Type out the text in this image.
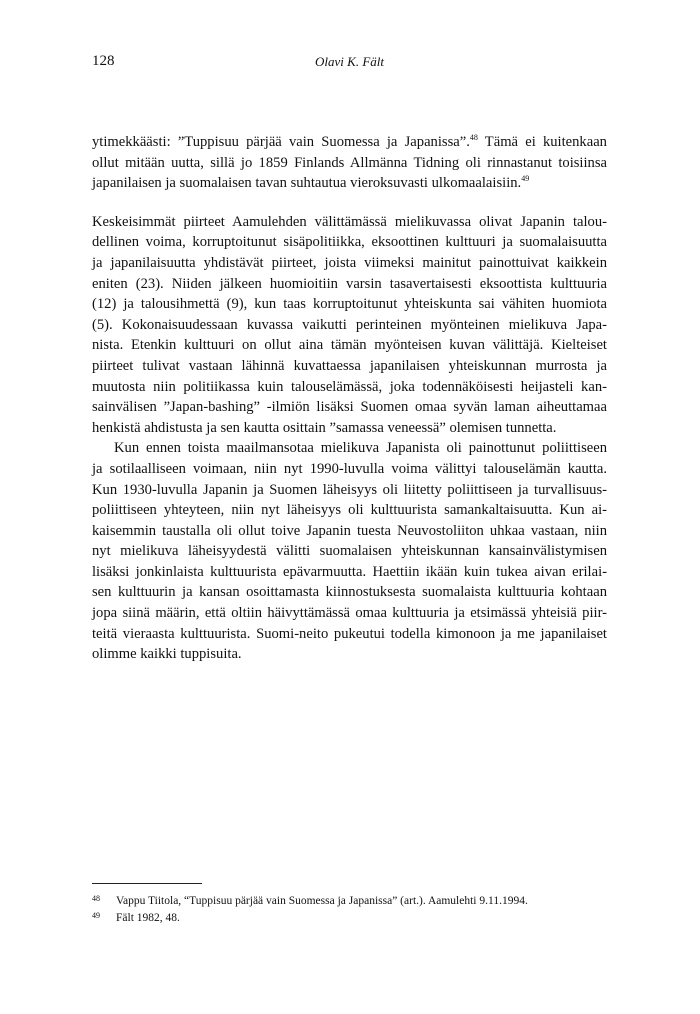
128	Olavi K. Fält

ytimekkäästi: ”Tuppisuu pärjää vain Suomessa ja Japanissa”.$^{48}$ Tämä ei kuitenkaan
ollut mitään uutta, sillä jo 1859 Finlands Allmänna Tidning oli rinnastanut toisiinsa
japanilaisen ja suomalaisen tavan suhtautua vieroksuvasti ulkomaalaisiin.$^{49}$

Keskeisimmät piirteet Aamulehden välittämässä mielikuvassa olivat Japanin talou-
dellinen voima, korruptoitunut sisäpolitiikka, eksoottinen kulttuuri ja suomalaisuutta
ja japanilaisuutta yhdistävät piirteet, joista viimeksi mainitut painottuivat kaikkein
eniten (23). Niiden jälkeen huomioitiin varsin tasavertaisesti eksoottista kulttuuria
(12) ja talousihmettä (9), kun taas korruptoitunut yhteiskunta sai vähiten huomiota
(5). Kokonaisuudessaan kuvassa vaikutti perinteinen myönteinen mielikuva Japa-
nista. Etenkin kulttuuri on ollut aina tämän myönteisen kuvan välittäjä. Kielteiset
piirteet tulivat vastaan lähinnä kuvattaessa japanilaisen yhteiskunnan murrosta ja
muutosta niin politiikassa kuin talouselämässä, joka todennäköisesti heijasteli kan-
sainvälisen ”Japan-bashing” -ilmiön lisäksi Suomen omaa syvän laman aiheuttamaa
henkistä ahdistusta ja sen kautta osittain ”samassa veneessä” olemisen tunnetta.

Kun ennen toista maailmansotaa mielikuva Japanista oli painottunut poliittiseen
ja sotilaalliseen voimaan, niin nyt 1990-luvulla voima välittyi talouselämän kautta.
Kun 1930-luvulla Japanin ja Suomen läheisyys oli liitetty poliittiseen ja turvallisuus-
poliittiseen yhteyteen, niin nyt läheisyys oli kulttuurista samankaltaisuutta. Kun ai-
kaisemmin taustalla oli ollut toive Japanin tuesta Neuvostoliiton uhkaa vastaan, niin
nyt mielikuva läheisyydestä välitti suomalaisen yhteiskunnan kansainvälistymisen
lisäksi jonkinlaista kulttuurista epävarmuutta. Haettiin ikään kuin tukea aivan erilai-
sen kulttuurin ja kansan osoittamasta kiinnostuksesta suomalaista kulttuuria kohtaan
jopa siinä määrin, että oltiin häivyttämässä omaa kulttuuria ja etsimässä yhteisiä piir-
teitä vieraasta kulttuurista. Suomi-neito pukeutui todella kimonoon ja me japanilaiset
olimme kaikki tuppisuita.

48 Vappu Tiitola, “Tuppisuu pärjää vain Suomessa ja Japanissa” (art.). Aamulehti 9.11.1994.
49 Fält 1982, 48.
